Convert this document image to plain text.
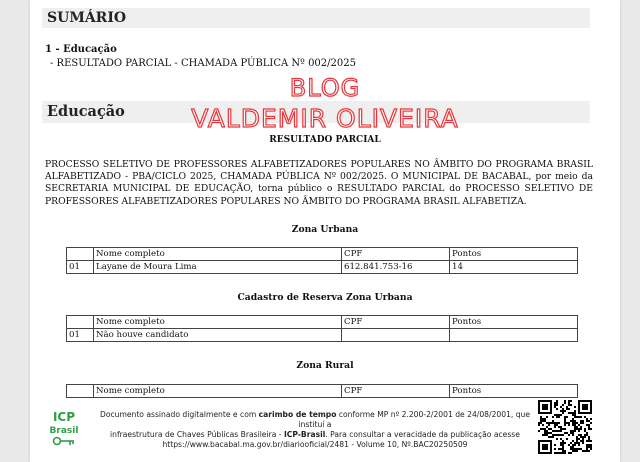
SUMÁRIO
1 - Educação
- RESULTADO PARCIAL - CHAMADA PÚBLICA Nº 002/2025
Educação
RESULTADO PARCIAL
PROCESSO SELETIVO DE PROFESSORES ALFABETIZADORES POPULARES NO ÂMBITO DO PROGRAMA BRASIL ALFABETIZADO - PBA/CICLO 2025, CHAMADA PÚBLICA Nº 002/2025. O MUNICIPAL DE BACABAL, por meio da SECRETARIA MUNICIPAL DE EDUCAÇÃO, torna público o RESULTADO PARCIAL do PROCESSO SELETIVO DE PROFESSORES ALFABETIZADORES POPULARES NO ÂMBITO DO PROGRAMA BRASIL ALFABETIZA.
Zona Urbana
	Nome completo	CPF	Pontos
01	Layane de Moura Lima	612.841.753-16	14
Cadastro de Reserva Zona Urbana
	Nome completo	CPF	Pontos
01	Não houve candidato		
Zona Rural
	Nome completo	CPF	Pontos
BLOG
VALDEMIR OLIVEIRA
ICP
Brasil
Documento assinado digitalmente e com carimbo de tempo conforme MP nº 2.200-2/2001 de 24/08/2001, que instituí a
infraestrutura de Chaves Públicas Brasileira - ICP-Brasil. Para consultar a veracidade da publicação acesse
https://www.bacabal.ma.gov.br/diariooficial/2481 - Volume 10, Nº.BAC20250509
